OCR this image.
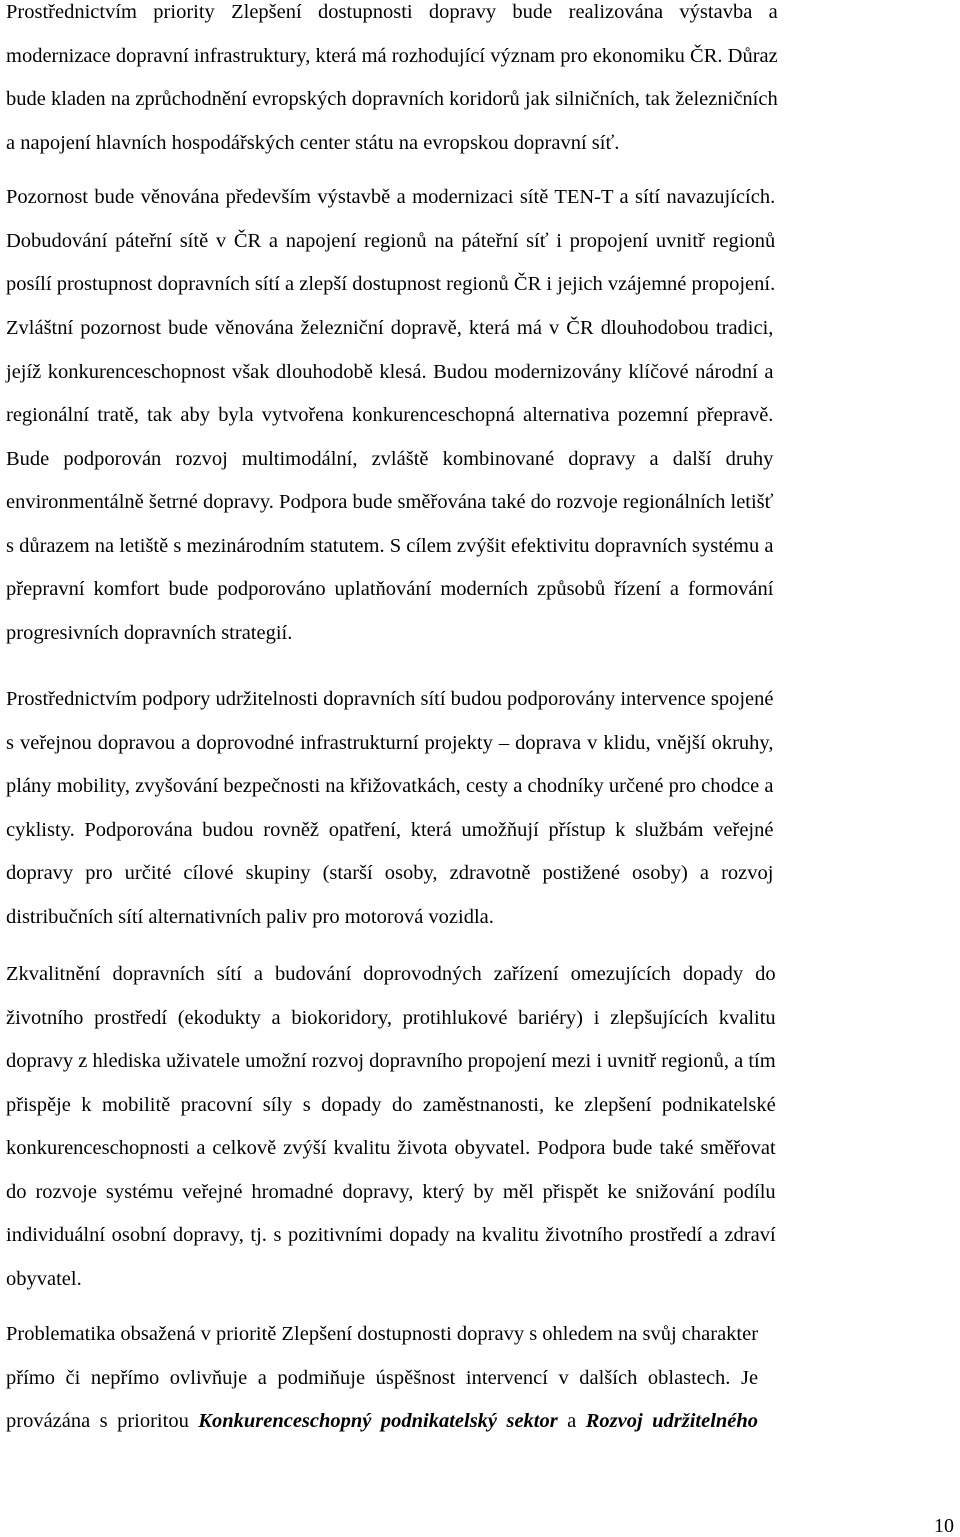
Prostřednictvím priority Zlepšení dostupnosti dopravy bude realizována výstavba a
modernizace dopravní infrastruktury, která má rozhodující význam pro ekonomiku ČR. Důraz
bude kladen na zprůchodnění evropských dopravních koridorů jak silničních, tak železničních
a napojení hlavních hospodářských center státu na evropskou dopravní síť.
Pozornost bude věnována především výstavbě a modernizaci sítě TEN-T a sítí navazujících.
Dobudování páteřní sítě v ČR a napojení regionů na páteřní síť i propojení uvnitř regionů
posílí prostupnost dopravních sítí a zlepší dostupnost regionů ČR i jejich vzájemné propojení.
Zvláštní pozornost bude věnována železniční dopravě, která má v ČR dlouhodobou tradici,
jejíž konkurenceschopnost však dlouhodobě klesá. Budou modernizovány klíčové národní a
regionální tratě, tak aby byla vytvořena konkurenceschopná alternativa pozemní přepravě.
Bude podporován rozvoj multimodální, zvláště kombinované dopravy a další druhy
environmentálně šetrné dopravy. Podpora bude směřována také do rozvoje regionálních letišť
s důrazem na letiště s mezinárodním statutem. S cílem zvýšit efektivitu dopravních systému a
přepravní komfort bude podporováno uplatňování moderních způsobů řízení a formování
progresivních dopravních strategií.
Prostřednictvím podpory udržitelnosti dopravních sítí budou podporovány intervence spojené
s veřejnou dopravou a doprovodné infrastrukturní projekty – doprava v klidu, vnější okruhy,
plány mobility, zvyšování bezpečnosti na křižovatkách, cesty a chodníky určené pro chodce a
cyklisty. Podporována budou rovněž opatření, která umožňují přístup k službám veřejné
dopravy pro určité cílové skupiny (starší osoby, zdravotně postižené osoby) a rozvoj
distribučních sítí alternativních paliv pro motorová vozidla.
Zkvalitnění dopravních sítí a budování doprovodných zařízení omezujících dopady do
životního prostředí (ekodukty a biokoridory, protihlukové bariéry) i zlepšujících kvalitu
dopravy z hlediska uživatele umožní rozvoj dopravního propojení mezi i uvnitř regionů, a tím
přispěje k mobilitě pracovní síly s dopady do zaměstnanosti, ke zlepšení podnikatelské
konkurenceschopnosti a celkově zvýší kvalitu života obyvatel. Podpora bude také směřovat
do rozvoje systému veřejné hromadné dopravy, který by měl přispět ke snižování podílu
individuální osobní dopravy, tj. s pozitivními dopady na kvalitu životního prostředí a zdraví
obyvatel.
Problematika obsažená v prioritě Zlepšení dostupnosti dopravy s ohledem na svůj charakter
přímo či nepřímo ovlivňuje a podmiňuje úspěšnost intervencí v dalších oblastech. Je
provázána s prioritou Konkurenceschopný podnikatelský sektor a Rozvoj udržitelného
10
